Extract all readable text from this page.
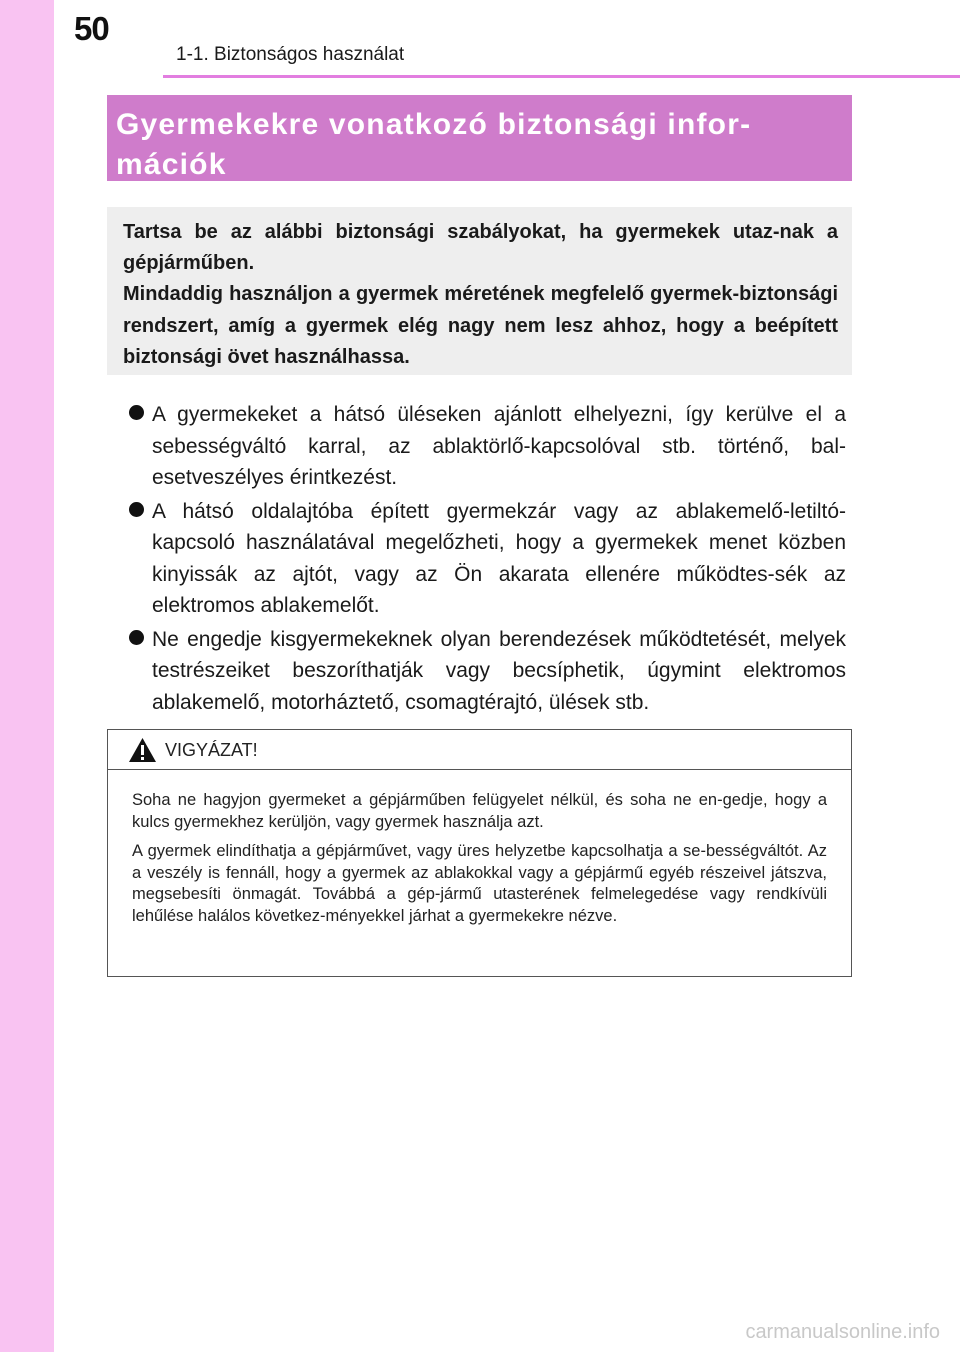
50
1-1. Biztonságos használat

Gyermekekre vonatkozó biztonsági infor-
mációk

Tartsa be az alábbi biztonsági szabályokat, ha gyermekek utaz-nak a gépjárműben.

Mindaddig használjon a gyermek méretének megfelelő gyermek-biztonsági rendszert, amíg a gyermek elég nagy nem lesz ahhoz, hogy a beépített biztonsági övet használhassa.

A gyermekeket a hátsó üléseken ajánlott elhelyezni, így kerülve el a sebességváltó karral, az ablaktörlő-kapcsolóval stb. történő, bal-esetveszélyes érintkezést.

A hátsó oldalajtóba épített gyermekzár vagy az ablakemelő-letiltó-kapcsoló használatával megelőzheti, hogy a gyermekek menet közben kinyissák az ajtót, vagy az Ön akarata ellenére működtes-sék az elektromos ablakemelőt.

Ne engedje kisgyermekeknek olyan berendezések működtetését, melyek testrészeiket beszoríthatják vagy becsíphetik, úgymint elektromos ablakemelő, motorháztető, csomagtérajtó, ülések stb.

VIGYÁZAT!

Soha ne hagyjon gyermeket a gépjárműben felügyelet nélkül, és soha ne en-gedje, hogy a kulcs gyermekhez kerüljön, vagy gyermek használja azt.

A gyermek elindíthatja a gépjárművet, vagy üres helyzetbe kapcsolhatja a se-bességváltót. Az a veszély is fennáll, hogy a gyermek az ablakokkal vagy a gépjármű egyéb részeivel játszva, megsebesíti önmagát. Továbbá a gép-jármű utasterének felmelegedése vagy rendkívüli lehűlése halálos következ-ményekkel járhat a gyermekekre nézve.

carmanualsonline.info
